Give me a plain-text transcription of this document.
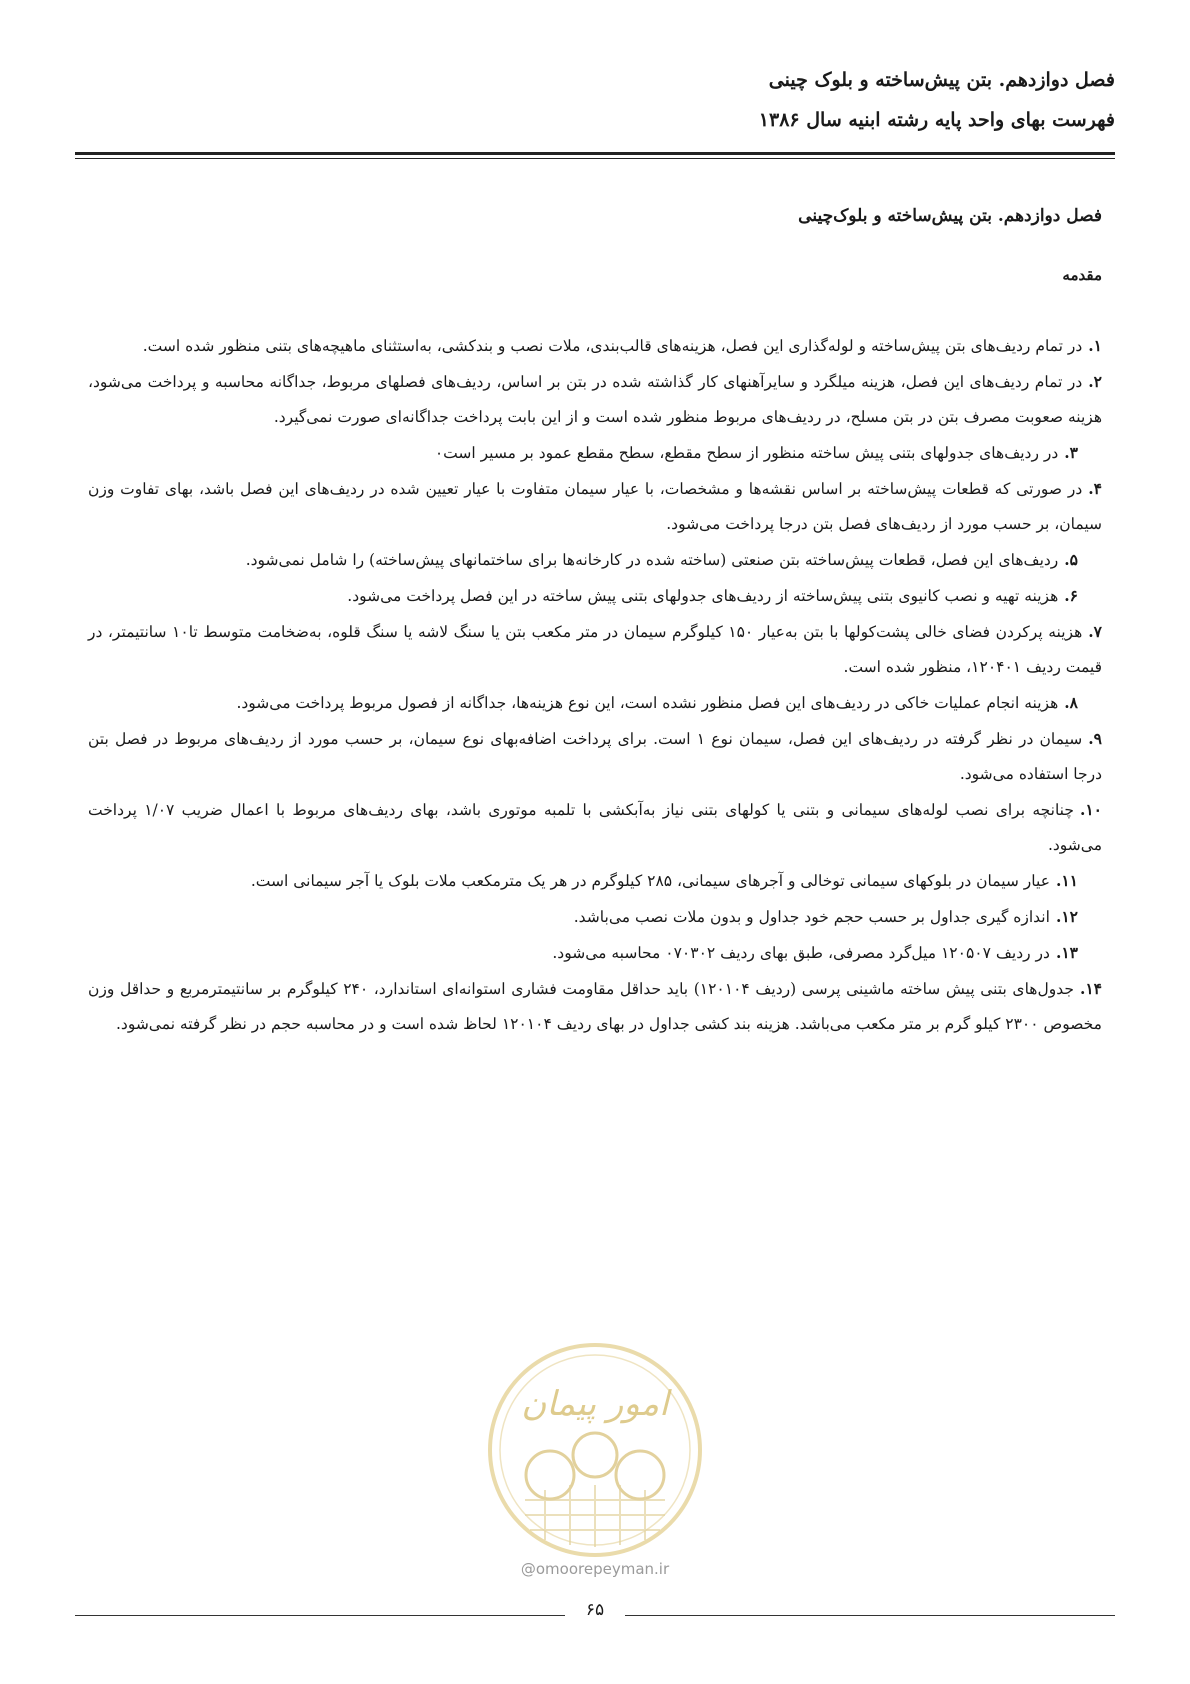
فصل دوازدهم. بتن پیش‌ساخته و بلوک چینی

فهرست بهای واحد پایه رشته ابنیه سال ۱۳۸۶

فصل دوازدهم. بتن پیش‌ساخته و بلوک‌چینی

مقدمه

۱.در تمام ردیف‌های بتن پیش‌ساخته و لوله‌گذاری این فصل، هزینه‌های قالب‌بندی، ملات نصب و بندکشی، به‌استثنای ماهیچه‌های بتنی منظور شده است.

۲.در تمام ردیف‌های این فصل، هزینه میلگرد و سایرآهنهای کار گذاشته شده در بتن بر اساس، ردیف‌های فصلهای مربوط، جداگانه محاسبه و پرداخت می‌شود، هزینه صعوبت مصرف بتن در بتن مسلح، در ردیف‌های مربوط منظور شده است و از این بابت پرداخت جداگانه‌ای صورت نمی‌گیرد.

۳.در ردیف‌های جدولهای بتنی پیش ساخته منظور از سطح مقطع، سطح مقطع عمود بر مسیر است٠

۴.در صورتی که قطعات پیش‌ساخته بر اساس نقشه‌ها و مشخصات، با عیار سیمان متفاوت با عیار تعیین شده در ردیف‌های این فصل باشد، بهای تفاوت وزن سیمان، بر حسب مورد از ردیف‌های فصل بتن درجا پرداخت می‌شود.

۵.ردیف‌های این فصل، قطعات پیش‌ساخته بتن صنعتی (ساخته شده در کارخانه‌ها برای ساختمانهای پیش‌ساخته) را شامل نمی‌شود.

۶.هزینه تهیه و نصب کانیوی بتنی پیش‌ساخته از ردیف‌های جدولهای بتنی پیش ساخته در این فصل پرداخت می‌شود.

۷.هزینه پرکردن فضای خالی پشت‌کولها با بتن به‌عیار ۱۵۰ کیلوگرم سیمان در متر مکعب بتن یا سنگ لاشه یا سنگ قلوه، به‌ضخامت متوسط تا۱۰ سانتیمتر، در قیمت ردیف ۱۲۰۴۰۱، منظور شده است.

۸.هزینه انجام عملیات خاکی در ردیف‌های این فصل منظور نشده است، این نوع هزینه‌ها، جداگانه از فصول مربوط پرداخت می‌شود.

۹.سیمان در نظر گرفته در ردیف‌های این فصل، سیمان نوع ۱ است. برای پرداخت اضافه‌بهای نوع سیمان، بر حسب مورد از ردیف‌های مربوط در فصل بتن درجا استفاده می‌شود.

۱۰.چنانچه برای نصب لوله‌های سیمانی و بتنی یا کولهای بتنی نیاز به‌آبکشی با تلمبه موتوری باشد، بهای ردیف‌های مربوط با اعمال ضریب ۱/۰۷ پرداخت می‌شود.

۱۱.عیار سیمان در بلوکهای سیمانی توخالی و آجرهای سیمانی، ۲۸۵ کیلوگرم در هر یک مترمکعب ملات بلوک یا آجر سیمانی است.

۱۲.اندازه گیری جداول بر حسب حجم خود جداول و بدون ملات نصب می‌باشد.

۱۳.در ردیف ۱۲۰۵۰۷ میل‌گرد مصرفی، طبق بهای ردیف ۰۷۰۳۰۲ محاسبه می‌شود.

۱۴.جدول‌های بتنی پیش ساخته ماشینی پرسی (ردیف ۱۲۰۱۰۴) باید حداقل مقاومت فشاری استوانه‌ای استاندارد، ۲۴۰ کیلوگرم بر سانتیمترمربع و حداقل وزن مخصوص ۲۳۰۰ کیلو گرم بر متر مکعب می‌باشد. هزینه بند کشی جداول در بهای ردیف ۱۲۰۱۰۴ لحاظ شده است و در محاسبه حجم در نظر گرفته نمی‌شود.

امور پیمان
@omoorepeyman.ir
۶۵
